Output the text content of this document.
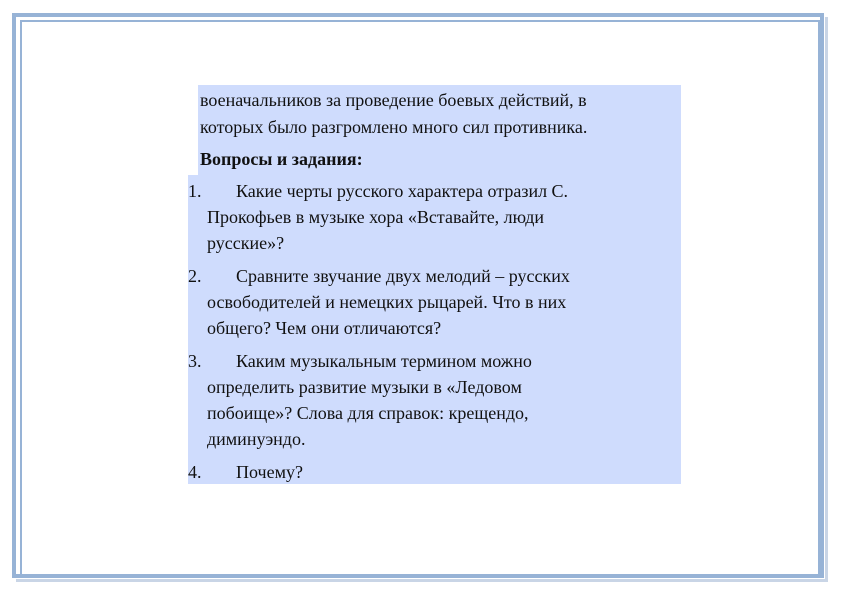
военачальников за проведение боевых действий, в
которых было разгромлено много сил противника.
Вопросы и задания:
1. Какие черты русского характера отразил С.
Прокофьев в музыке хора «Вставайте, люди
русские»?
2. Сравните звучание двух мелодий – русских
освободителей и немецких рыцарей. Что в них
общего? Чем они отличаются?
3. Каким музыкальным термином можно
определить развитие музыки в «Ледовом
побоище»? Слова для справок: крещендо,
диминуэндо.
4. Почему?
